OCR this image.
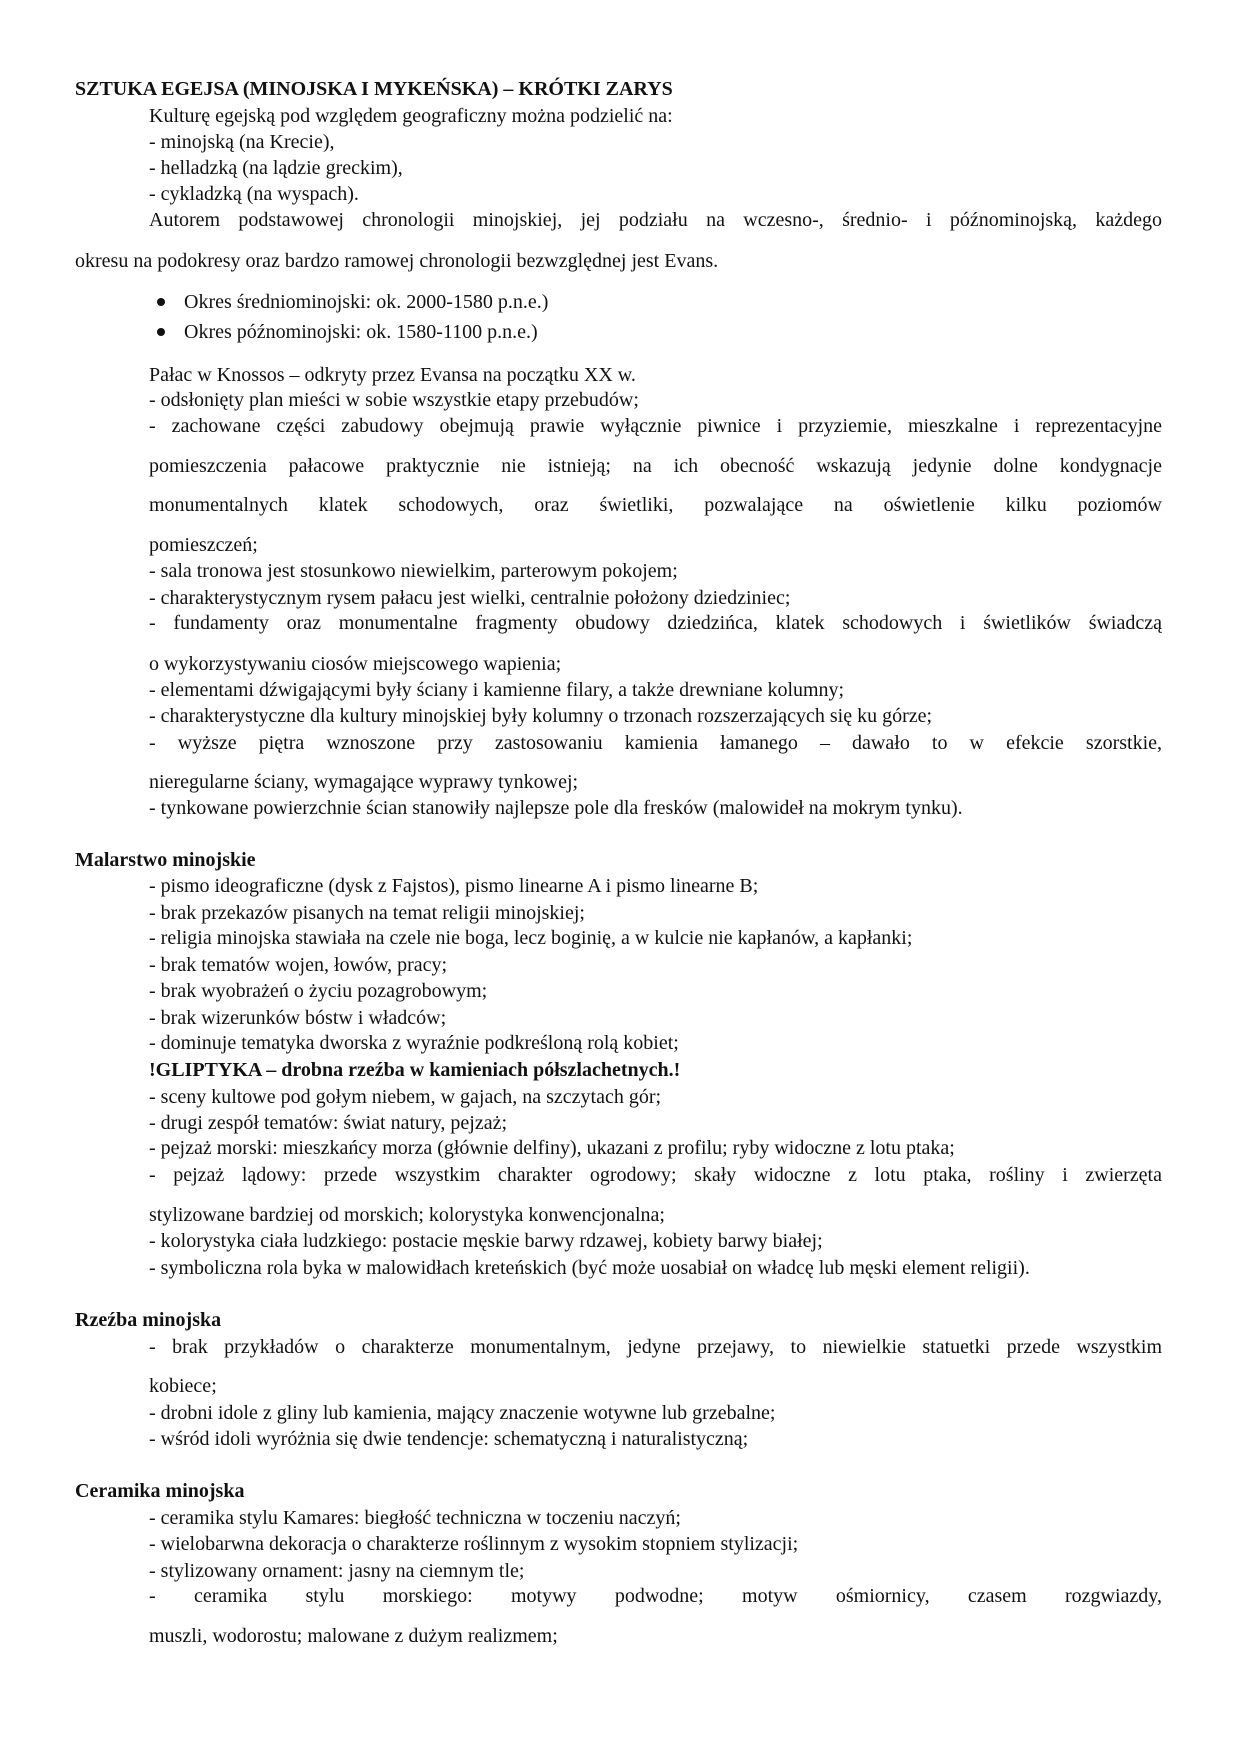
SZTUKA EGEJSA (MINOJSKA I MYKEŃSKA) – KRÓTKI ZARYS
Kulturę egejską pod względem geograficzny można podzielić na:
- minojską (na Krecie),
- helladzką (na lądzie greckim),
- cykladzką (na wyspach).
Autorem podstawowej chronologii minojskiej, jej podziału na wczesno-, średnio- i późnominojską, każdego
okresu na podokresy oraz bardzo ramowej chronologii bezwzględnej jest Evans.
Okres średniominojski: ok. 2000-1580 p.n.e.)
Okres późnominojski: ok. 1580-1100 p.n.e.)
Pałac w Knossos – odkryty przez Evansa na początku XX w.
- odsłonięty plan mieści w sobie wszystkie etapy przebudów;
- zachowane części zabudowy obejmują prawie wyłącznie piwnice i przyziemie, mieszkalne i reprezentacyjne
pomieszczenia pałacowe praktycznie nie istnieją; na ich obecność wskazują jedynie dolne kondygnacje
monumentalnych klatek schodowych, oraz świetliki, pozwalające na oświetlenie kilku poziomów
pomieszczeń;
- sala tronowa jest stosunkowo niewielkim, parterowym pokojem;
- charakterystycznym rysem pałacu jest wielki, centralnie położony dziedziniec;
- fundamenty oraz monumentalne fragmenty obudowy dziedzińca, klatek schodowych i świetlików świadczą
o wykorzystywaniu ciosów miejscowego wapienia;
- elementami dźwigającymi były ściany i kamienne filary, a także drewniane kolumny;
- charakterystyczne dla kultury minojskiej były kolumny o trzonach rozszerzających się ku górze;
- wyższe piętra wznoszone przy zastosowaniu kamienia łamanego – dawało to w efekcie szorstkie,
nieregularne ściany, wymagające wyprawy tynkowej;
- tynkowane powierzchnie ścian stanowiły najlepsze pole dla fresków (malowideł na mokrym tynku).
Malarstwo minojskie
- pismo ideograficzne (dysk z Fajstos), pismo linearne A i pismo linearne B;
- brak przekazów pisanych na temat religii minojskiej;
- religia minojska stawiała na czele nie boga, lecz boginię, a w kulcie nie kapłanów, a kapłanki;
- brak tematów wojen, łowów, pracy;
- brak wyobrażeń o życiu pozagrobowym;
- brak wizerunków bóstw i władców;
- dominuje tematyka dworska z wyraźnie podkreśloną rolą kobiet;
!GLIPTYKA – drobna rzeźba w kamieniach półszlachetnych.!
- sceny kultowe pod gołym niebem, w gajach, na szczytach gór;
- drugi zespół tematów: świat natury, pejzaż;
- pejzaż morski: mieszkańcy morza (głównie delfiny), ukazani z profilu; ryby widoczne z lotu ptaka;
- pejzaż lądowy: przede wszystkim charakter ogrodowy; skały widoczne z lotu ptaka, rośliny i zwierzęta
stylizowane bardziej od morskich; kolorystyka konwencjonalna;
- kolorystyka ciała ludzkiego: postacie męskie barwy rdzawej, kobiety barwy białej;
- symboliczna rola byka w malowidłach kreteńskich (być może uosabiał on władcę lub męski element religii).
Rzeźba minojska
- brak przykładów o charakterze monumentalnym, jedyne przejawy, to niewielkie statuetki przede wszystkim
kobiece;
- drobni idole z gliny lub kamienia, mający znaczenie wotywne lub grzebalne;
- wśród idoli wyróżnia się dwie tendencje: schematyczną i naturalistyczną;
Ceramika minojska
- ceramika stylu Kamares: biegłość techniczna w toczeniu naczyń;
- wielobarwna dekoracja o charakterze roślinnym z wysokim stopniem stylizacji;
- stylizowany ornament: jasny na ciemnym tle;
- ceramika stylu morskiego: motywy podwodne; motyw ośmiornicy, czasem rozgwiazdy,
muszli, wodorostu; malowane z dużym realizmem;
